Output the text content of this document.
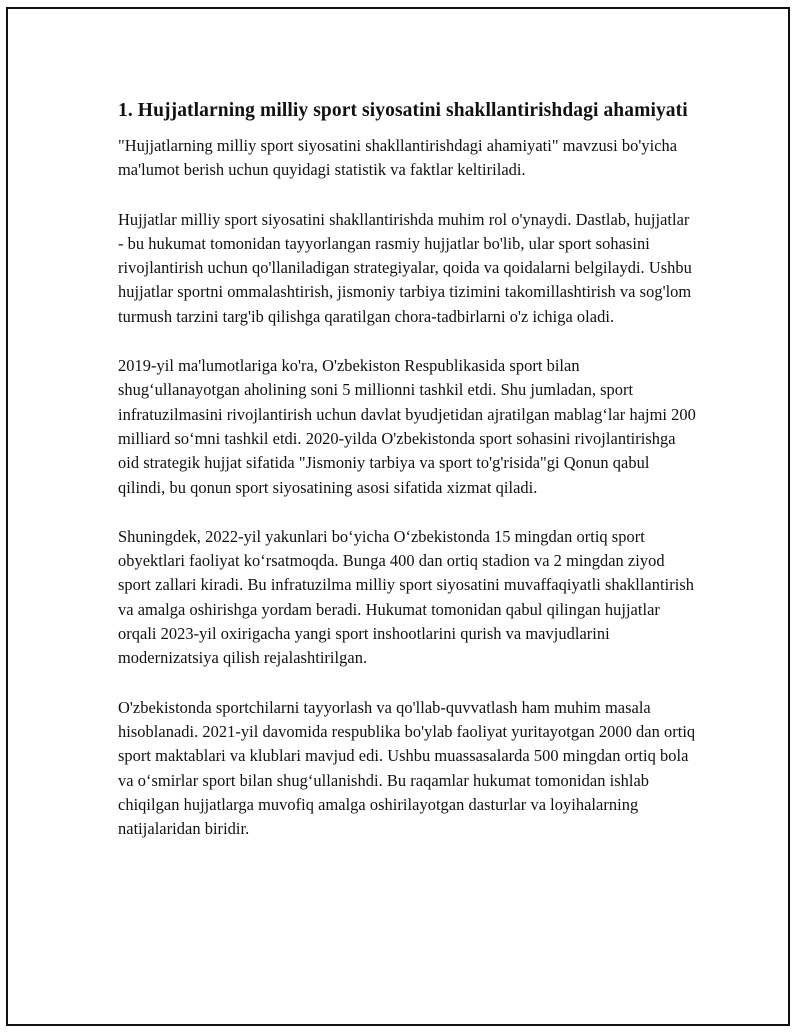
1. Hujjatlarning milliy sport siyosatini shakllantirishdagi ahamiyati

"Hujjatlarning milliy sport siyosatini shakllantirishdagi ahamiyati" mavzusi bo'yicha ma'lumot berish uchun quyidagi statistik va faktlar keltiriladi.

Hujjatlar milliy sport siyosatini shakllantirishda muhim rol o'ynaydi. Dastlab, hujjatlar - bu hukumat tomonidan tayyorlangan rasmiy hujjatlar bo'lib, ular sport sohasini rivojlantirish uchun qo'llaniladigan strategiyalar, qoida va qoidalarni belgilaydi. Ushbu hujjatlar sportni ommalashtirish, jismoniy tarbiya tizimini takomillashtirish va sog'lom turmush tarzini targ'ib qilishga qaratilgan chora-tadbirlarni o'z ichiga oladi.

2019-yil ma'lumotlariga ko'ra, O'zbekiston Respublikasida sport bilan shug‘ullanayotgan aholining soni 5 millionni tashkil etdi. Shu jumladan, sport infratuzilmasini rivojlantirish uchun davlat byudjetidan ajratilgan mablag‘lar hajmi 200 milliard so‘mni tashkil etdi. 2020-yilda O'zbekistonda sport sohasini rivojlantirishga oid strategik hujjat sifatida "Jismoniy tarbiya va sport to'g'risida"gi Qonun qabul qilindi, bu qonun sport siyosatining asosi sifatida xizmat qiladi.

Shuningdek, 2022-yil yakunlari bo‘yicha O‘zbekistonda 15 mingdan ortiq sport obyektlari faoliyat ko‘rsatmoqda. Bunga 400 dan ortiq stadion va 2 mingdan ziyod sport zallari kiradi. Bu infratuzilma milliy sport siyosatini muvaffaqiyatli shakllantirish va amalga oshirishga yordam beradi. Hukumat tomonidan qabul qilingan hujjatlar orqali 2023-yil oxirigacha yangi sport inshootlarini qurish va mavjudlarini modernizatsiya qilish rejalashtirilgan.

O'zbekistonda sportchilarni tayyorlash va qo'llab-quvvatlash ham muhim masala hisoblanadi. 2021-yil davomida respublika bo'ylab faoliyat yuritayotgan 2000 dan ortiq sport maktablari va klublari mavjud edi. Ushbu muassasalarda 500 mingdan ortiq bola va o‘smirlar sport bilan shug‘ullanishdi. Bu raqamlar hukumat tomonidan ishlab chiqilgan hujjatlarga muvofiq amalga oshirilayotgan dasturlar va loyihalarning natijalaridan biridir.
